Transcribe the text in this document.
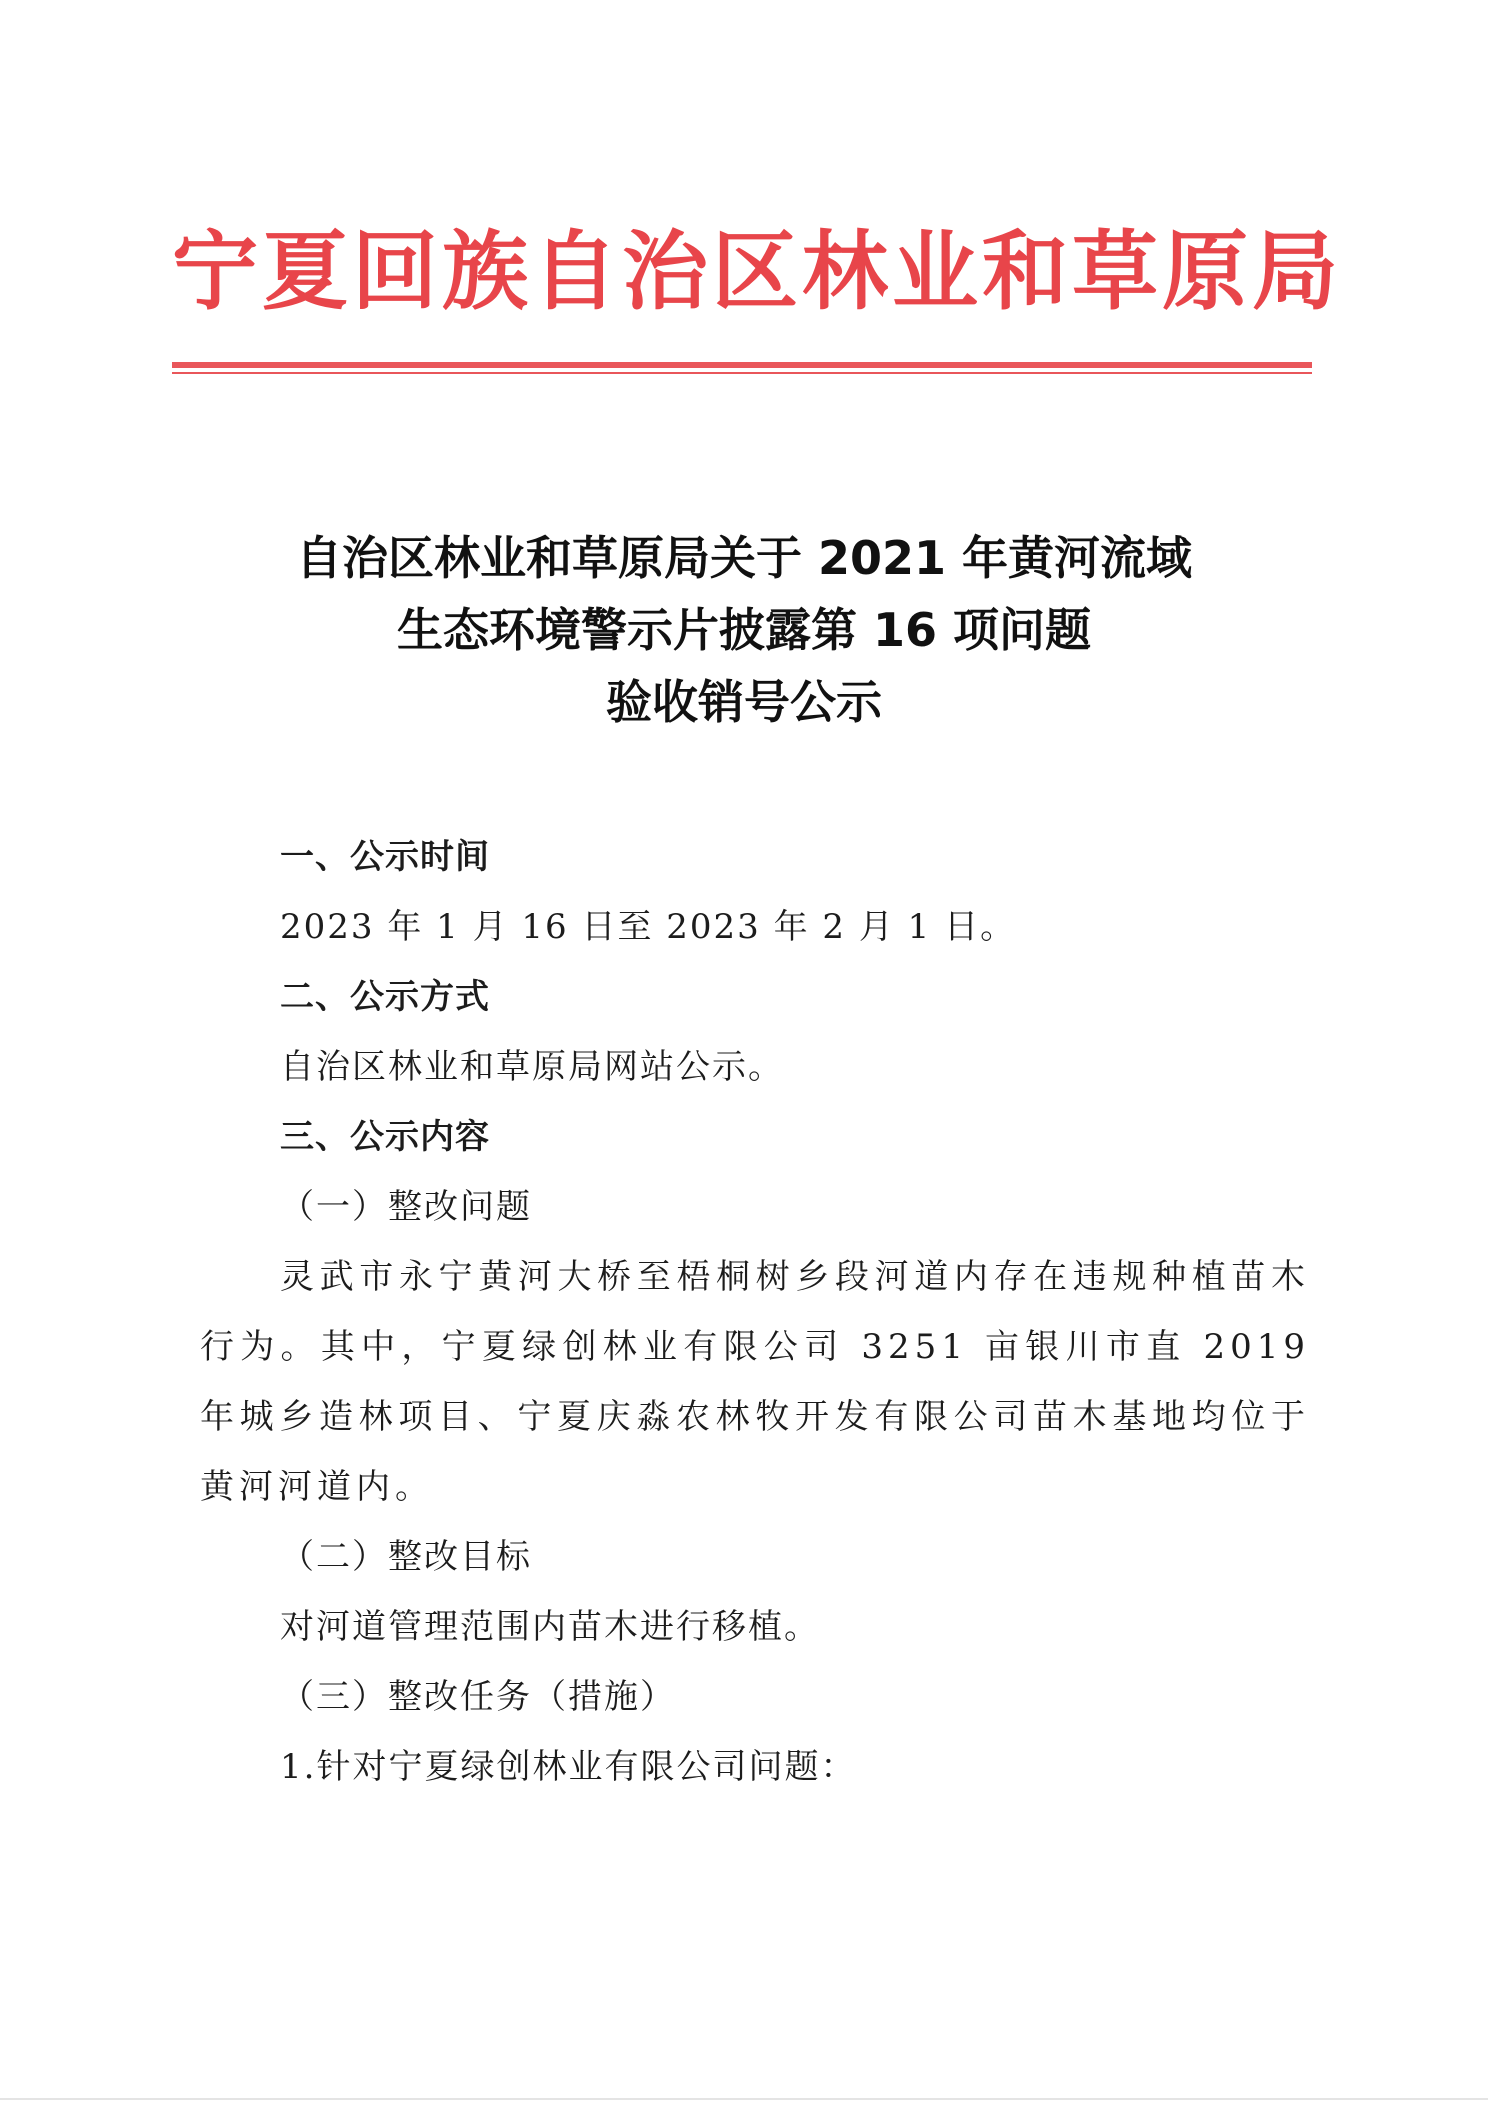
宁夏回族自治区林业和草原局
自治区林业和草原局关于 2021 年黄河流域
生态环境警示片披露第 16 项问题
验收销号公示
一、公示时间
2023 年 1 月 16 日至 2023 年 2 月 1 日。
二、公示方式
自治区林业和草原局网站公示。
三、公示内容
（一）整改问题
灵武市永宁黄河大桥至梧桐树乡段河道内存在违规种植苗木行为。其中，宁夏绿创林业有限公司 3251 亩银川市直 2019 年城乡造林项目、宁夏庆淼农林牧开发有限公司苗木基地均位于黄河河道内。
（二）整改目标
对河道管理范围内苗木进行移植。
（三）整改任务（措施）
1.针对宁夏绿创林业有限公司问题：
